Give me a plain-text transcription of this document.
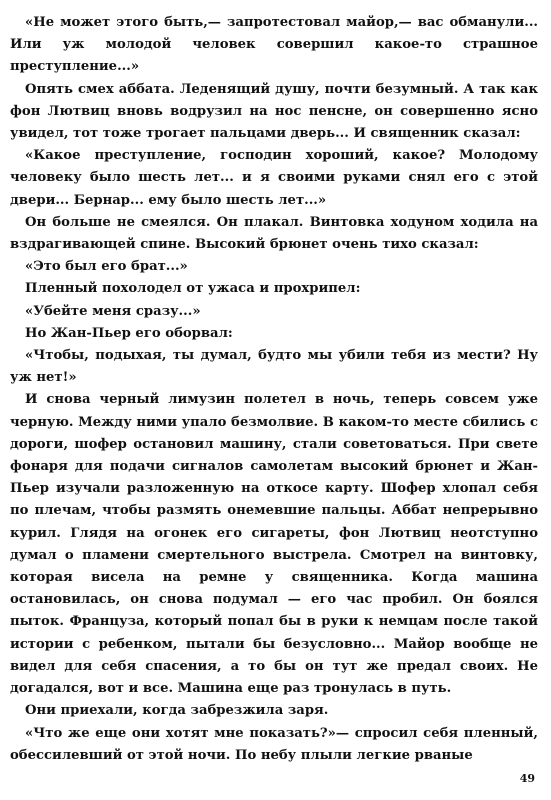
«Не может этого быть,— запротестовал майор,— вас обманули... Или уж молодой человек совершил какое-то страшное преступление...»

Опять смех аббата. Леденящий душу, почти безумный. А так как фон Лютвиц вновь водрузил на нос пенсне, он совершенно ясно увидел, тот тоже трогает пальцами дверь... И священник сказал:

«Какое преступление, господин хороший, какое? Молодому человеку было шесть лет... и я своими руками снял его с этой двери... Бернар... ему было шесть лет...»

Он больше не смеялся. Он плакал. Винтовка ходуном ходила на вздрагивающей спине. Высокий брюнет очень тихо сказал:

«Это был его брат...»

Пленный похолодел от ужаса и прохрипел:

«Убейте меня сразу...»

Но Жан-Пьер его оборвал:

«Чтобы, подыхая, ты думал, будто мы убили тебя из мести? Ну уж нет!»

И снова черный лимузин полетел в ночь, теперь совсем уже черную. Между ними упало безмолвие. В каком-то месте сбились с дороги, шофер остановил машину, стали советоваться. При свете фонаря для подачи сигналов самолетам высокий брюнет и Жан-Пьер изучали разложенную на откосе карту. Шофер хлопал себя по плечам, чтобы размять онемевшие пальцы. Аббат непрерывно курил. Глядя на огонек его сигареты, фон Лютвиц неотступно думал о пламени смертельного выстрела. Смотрел на винтовку, которая висела на ремне у священника. Когда машина остановилась, он снова подумал — его час пробил. Он боялся пыток. Француза, который попал бы в руки к немцам после такой истории с ребенком, пытали бы безусловно... Майор вообще не видел для себя спасения, а то бы он тут же предал своих. Не догадался, вот и все. Машина еще раз тронулась в путь.

Они приехали, когда забрезжила заря.

«Что же еще они хотят мне показать?»— спросил себя пленный, обессилевший от этой ночи. По небу плыли легкие рваные

49
